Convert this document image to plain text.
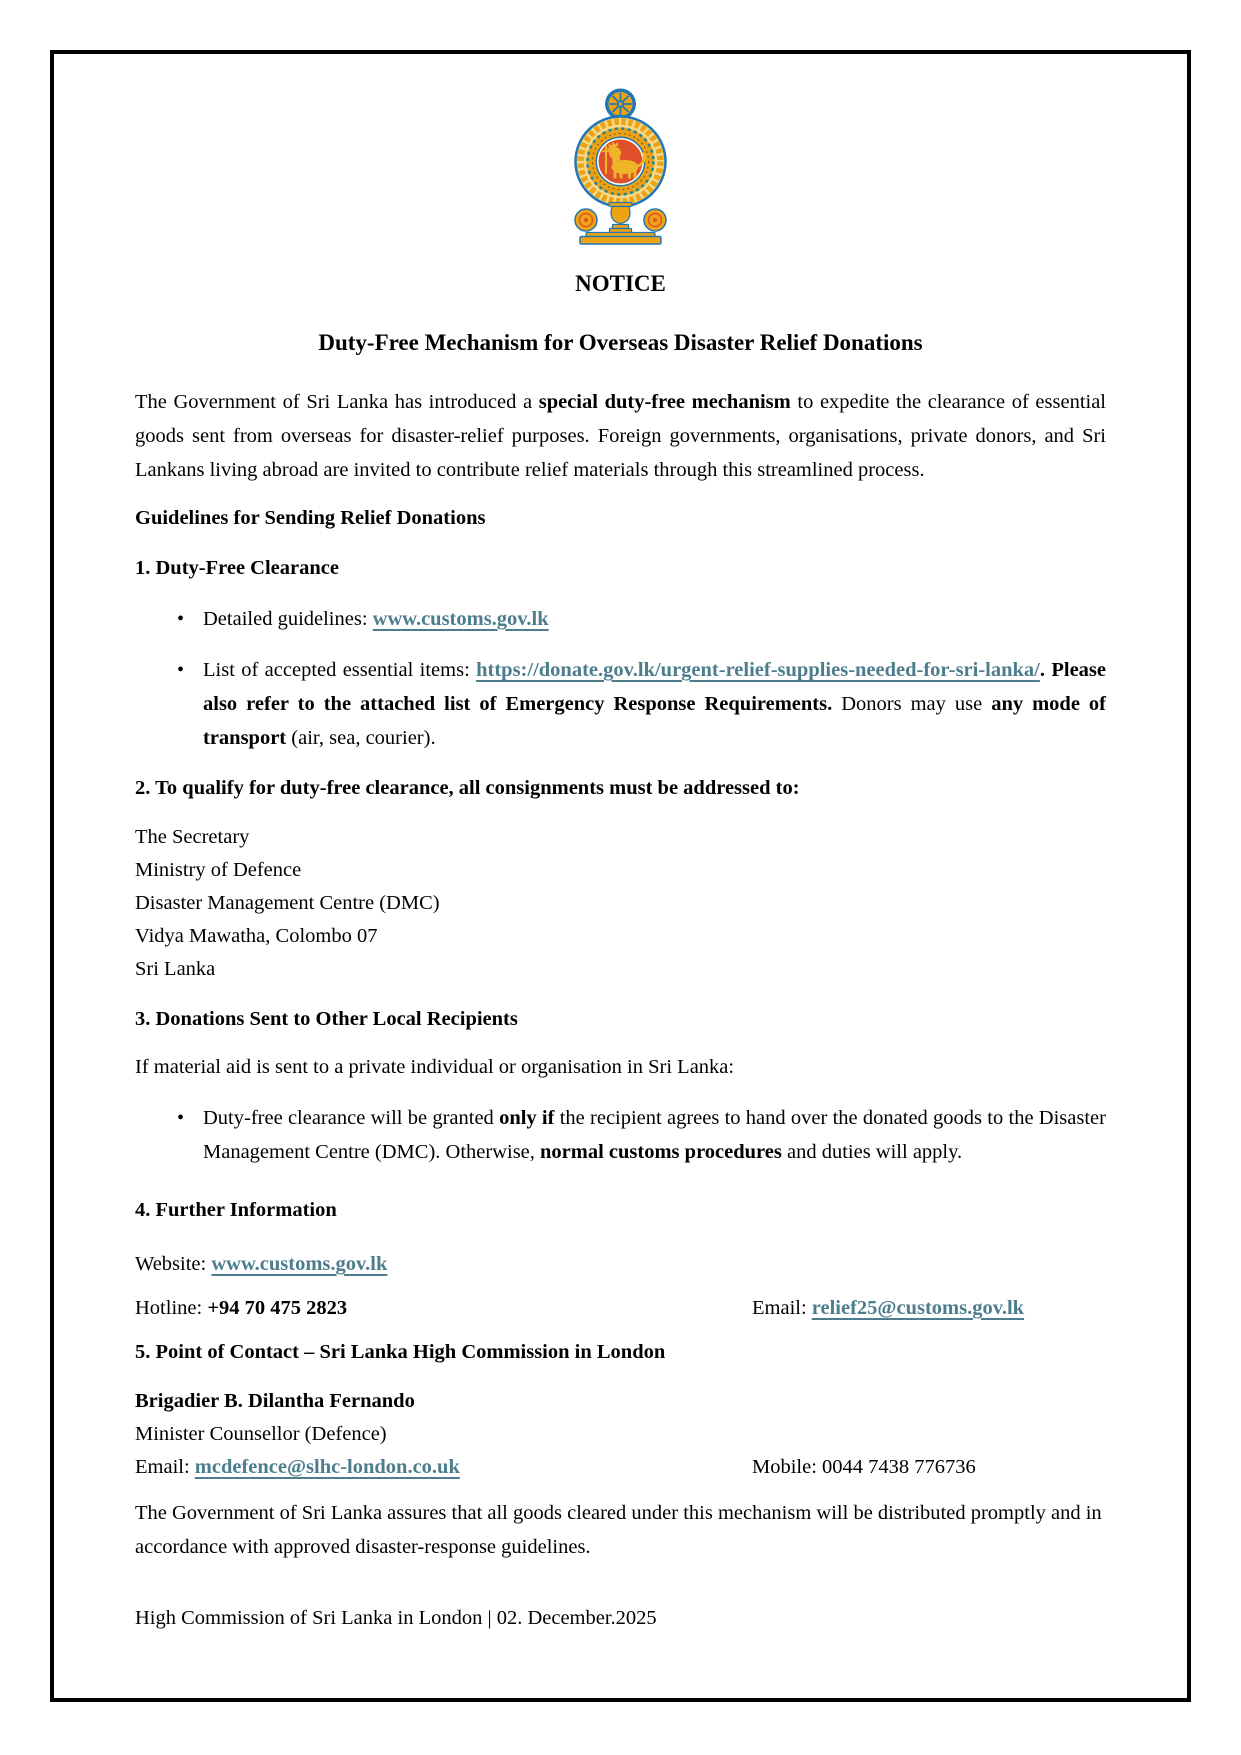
NOTICE
Duty-Free Mechanism for Overseas Disaster Relief Donations

The Government of Sri Lanka has introduced a special duty-free mechanism to expedite the clearance of essential goods sent from overseas for disaster-relief purposes. Foreign governments, organisations, private donors, and Sri Lankans living abroad are invited to contribute relief materials through this streamlined process.

Guidelines for Sending Relief Donations

1. Duty-Free Clearance

• Detailed guidelines: www.customs.gov.lk
• List of accepted essential items: https://donate.gov.lk/urgent-relief-supplies-needed-for-sri-lanka/. Please also refer to the attached list of Emergency Response Requirements. Donors may use any mode of transport (air, sea, courier).

2. To qualify for duty-free clearance, all consignments must be addressed to:

The Secretary

Ministry of Defence

Disaster Management Centre (DMC)

Vidya Mawatha, Colombo 07

Sri Lanka

3. Donations Sent to Other Local Recipients

If material aid is sent to a private individual or organisation in Sri Lanka:

• Duty-free clearance will be granted only if the recipient agrees to hand over the donated goods to the Disaster Management Centre (DMC). Otherwise, normal customs procedures and duties will apply.

4. Further Information

Website: www.customs.gov.lk

Hotline: +94 70 475 2823	Email: relief25@customs.gov.lk

5. Point of Contact – Sri Lanka High Commission in London

Brigadier B. Dilantha Fernando

Minister Counsellor (Defence)

Email: mcdefence@slhc-london.co.uk	Mobile: 0044 7438 776736

The Government of Sri Lanka assures that all goods cleared under this mechanism will be distributed promptly and in accordance with approved disaster-response guidelines.

High Commission of Sri Lanka in London | 02. December.2025
